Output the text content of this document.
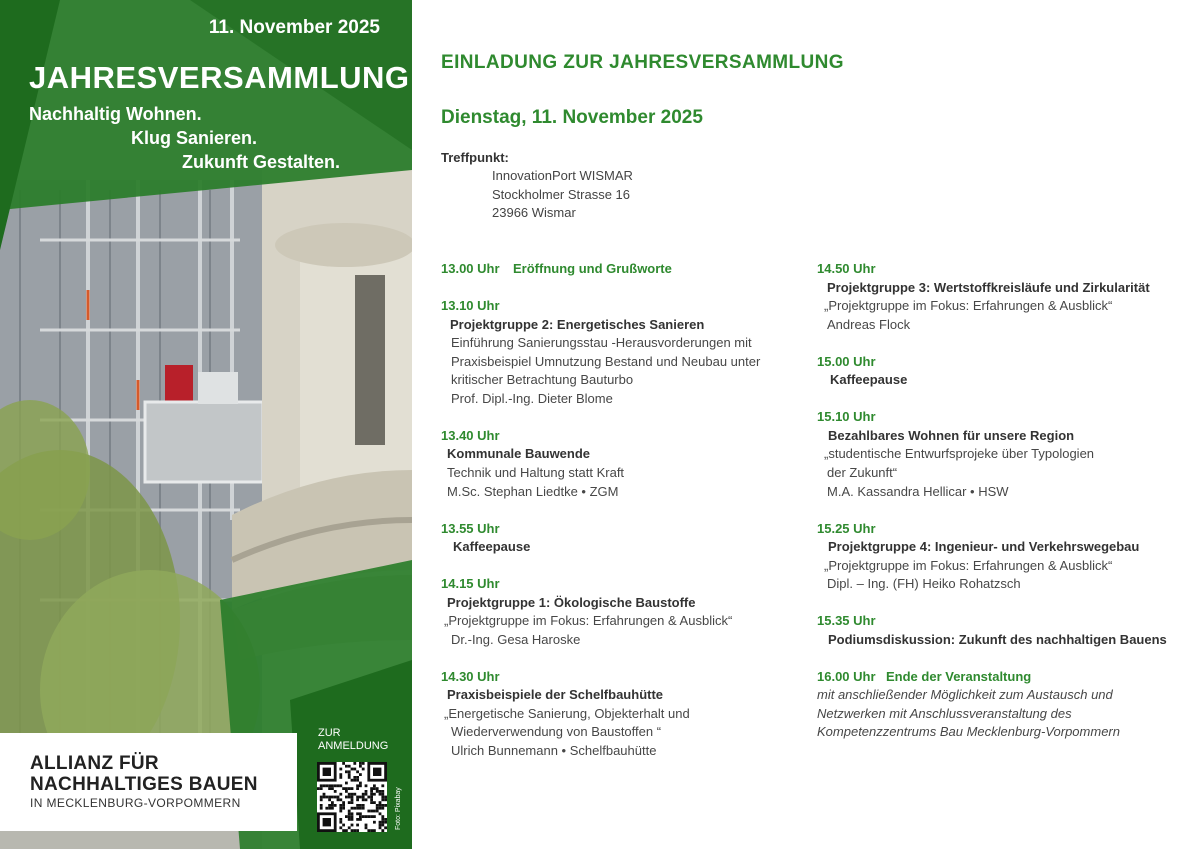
11. November 2025
JAHRESVERSAMMLUNG
Nachhaltig Wohnen.
Klug Sanieren.
Zukunft Gestalten.
ALLIANZ FÜR
NACHHALTIGES BAUEN
IN MECKLENBURG-VORPOMMERN
ZUR
ANMELDUNG
Foto: Pixabay
EINLADUNG ZUR JAHRESVERSAMMLUNG
Dienstag, 11. November 2025
Treffpunkt:
InnovationPort WISMAR
Stockholmer Strasse 16
23966 Wismar
13.00 Uhr Eröffnung und Grußworte
13.10 Uhr
Projektgruppe 2: Energetisches Sanieren
Einführung Sanierungsstau -Herausvorderungen mit
Praxisbeispiel Umnutzung Bestand und Neubau unter
kritischer Betrachtung Bauturbo
Prof. Dipl.-Ing. Dieter Blome
13.40 Uhr
Kommunale Bauwende
Technik und Haltung statt Kraft
M.Sc. Stephan Liedtke • ZGM
13.55 Uhr
Kaffeepause
14.15 Uhr
Projektgruppe 1: Ökologische Baustoffe
„Projektgruppe im Fokus: Erfahrungen & Ausblick“
Dr.-Ing. Gesa Haroske
14.30 Uhr
Praxisbeispiele der Schelfbauhütte
„Energetische Sanierung, Objekterhalt und
Wiederverwendung von Baustoffen “
Ulrich Bunnemann • Schelfbauhütte
14.50 Uhr
Projektgruppe 3: Wertstoffkreisläufe und Zirkularität
„Projektgruppe im Fokus: Erfahrungen & Ausblick“
Andreas Flock
15.00 Uhr
Kaffeepause
15.10 Uhr
Bezahlbares Wohnen für unsere Region
„studentische Entwurfsprojeke über Typologien
der Zukunft“
M.A. Kassandra Hellicar • HSW
15.25 Uhr
Projektgruppe 4: Ingenieur- und Verkehrswegebau
„Projektgruppe im Fokus: Erfahrungen & Ausblick“
Dipl. – Ing. (FH) Heiko Rohatzsch
15.35 Uhr
Podiumsdiskussion: Zukunft des nachhaltigen Bauens
16.00 Uhr Ende der Veranstaltung
mit anschließender Möglichkeit zum Austausch und
Netzwerken mit Anschlussveranstaltung des
Kompetenzzentrums Bau Mecklenburg-Vorpommern
